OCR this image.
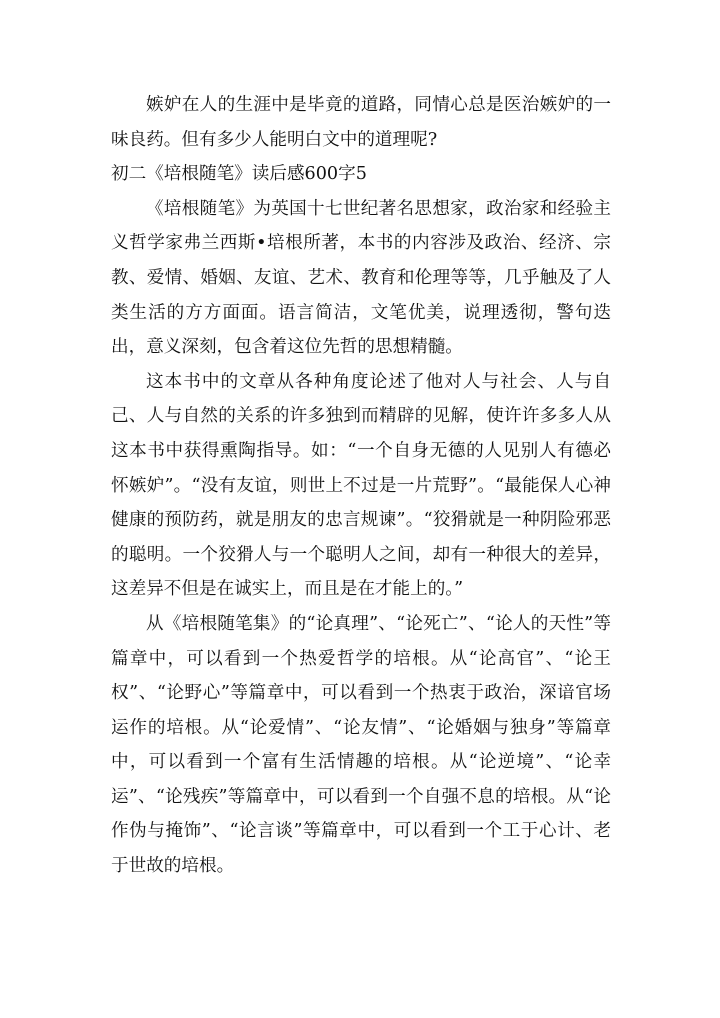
嫉妒在人的生涯中是毕竟的道路，同情心总是医治嫉妒的一味良药。但有多少人能明白文中的道理呢?

初二《培根随笔》读后感600字5

《培根随笔》为英国十七世纪著名思想家，政治家和经验主义哲学家弗兰西斯•培根所著，本书的内容涉及政治、经济、宗教、爱情、婚姻、友谊、艺术、教育和伦理等等，几乎触及了人类生活的方方面面。语言简洁，文笔优美，说理透彻，警句迭出，意义深刻，包含着这位先哲的思想精髓。

这本书中的文章从各种角度论述了他对人与社会、人与自己、人与自然的关系的许多独到而精辟的见解，使许许多多人从这本书中获得熏陶指导。如：“一个自身无德的人见别人有德必怀嫉妒”。“没有友谊，则世上不过是一片荒野”。“最能保人心神健康的预防药，就是朋友的忠言规谏”。“狡猾就是一种阴险邪恶的聪明。一个狡猾人与一个聪明人之间，却有一种很大的差异，这差异不但是在诚实上，而且是在才能上的。”

从《培根随笔集》的“论真理”、“论死亡”、“论人的天性”等篇章中，可以看到一个热爱哲学的培根。从“论高官”、“论王权”、“论野心”等篇章中，可以看到一个热衷于政治，深谙官场运作的培根。从“论爱情”、“论友情”、“论婚姻与独身”等篇章中，可以看到一个富有生活情趣的培根。从“论逆境”、“论幸运”、“论残疾”等篇章中，可以看到一个自强不息的培根。从“论作伪与掩饰”、“论言谈”等篇章中，可以看到一个工于心计、老于世故的培根。
